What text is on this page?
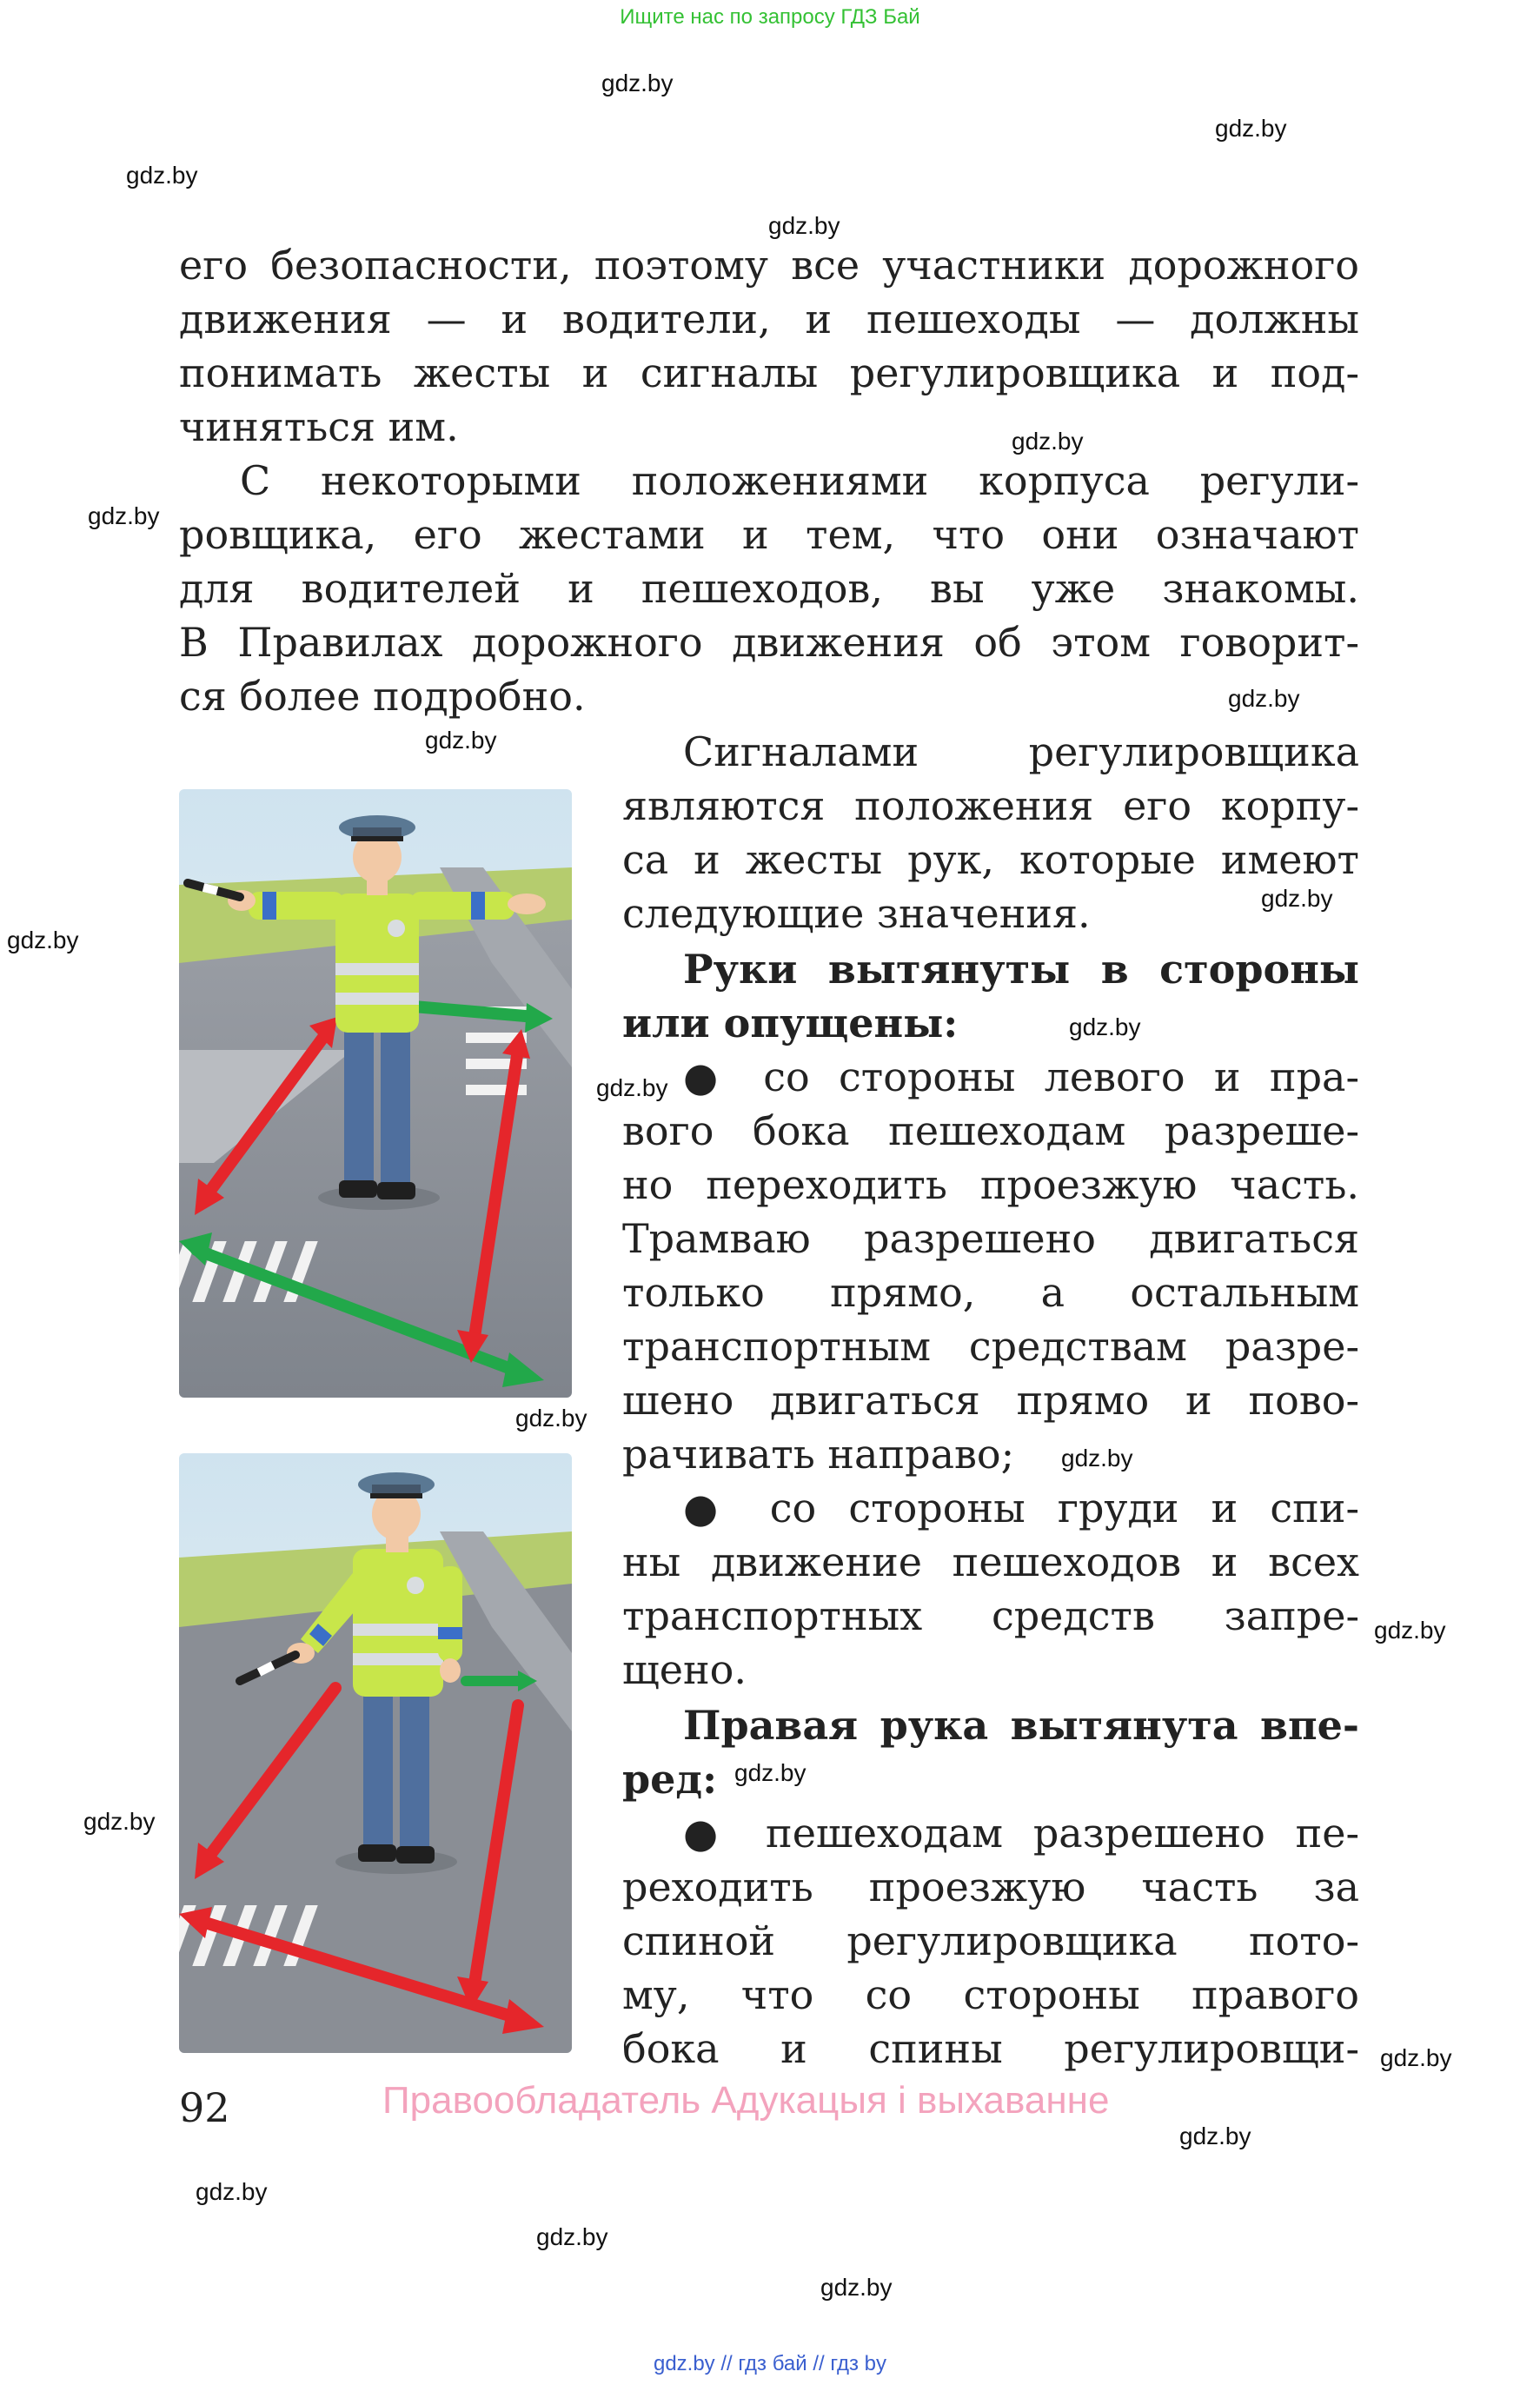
Ищите нас по запросу ГДЗ Бай
gdz.by
gdz.by
gdz.by
gdz.by
gdz.by
gdz.by
gdz.by
gdz.by
gdz.by
gdz.by
gdz.by
gdz.by
gdz.by
gdz.by
gdz.by
gdz.by
gdz.by
gdz.by
gdz.by
gdz.by
gdz.by
gdz.by
его безопасности, поэтому все участники дорожного
движения — и водители, и пешеходы — должны
понимать жесты и сигналы регулировщика и под-
чиняться им.
С некоторыми положениями корпуса регули-
ровщика, его жестами и тем, что они означают
для водителей и пешеходов, вы уже знакомы.
В Правилах дорожного движения об этом говорит-
ся более подробно.
Сигналами регулировщика
являются положения его корпу-
са и жесты рук, которые имеют
следующие значения.
Руки вытянуты в стороны
или опущены:
● со стороны левого и пра-
вого бока пешеходам разреше-
но переходить проезжую часть.
Трамваю разрешено двигаться
только прямо, а остальным
транспортным средствам разре-
шено двигаться прямо и пово-
рачивать направо;
● со стороны груди и спи-
ны движение пешеходов и всех
транспортных средств запре-
щено.
Правая рука вытянута впе-
ред:
● пешеходам разрешено пе-
реходить проезжую часть за
спиной регулировщика пото-
му, что со стороны правого
бока и спины регулировщи-
92	Правообладатель Адукацыя і выхаванне
gdz.by // гдз бай // гдз by
